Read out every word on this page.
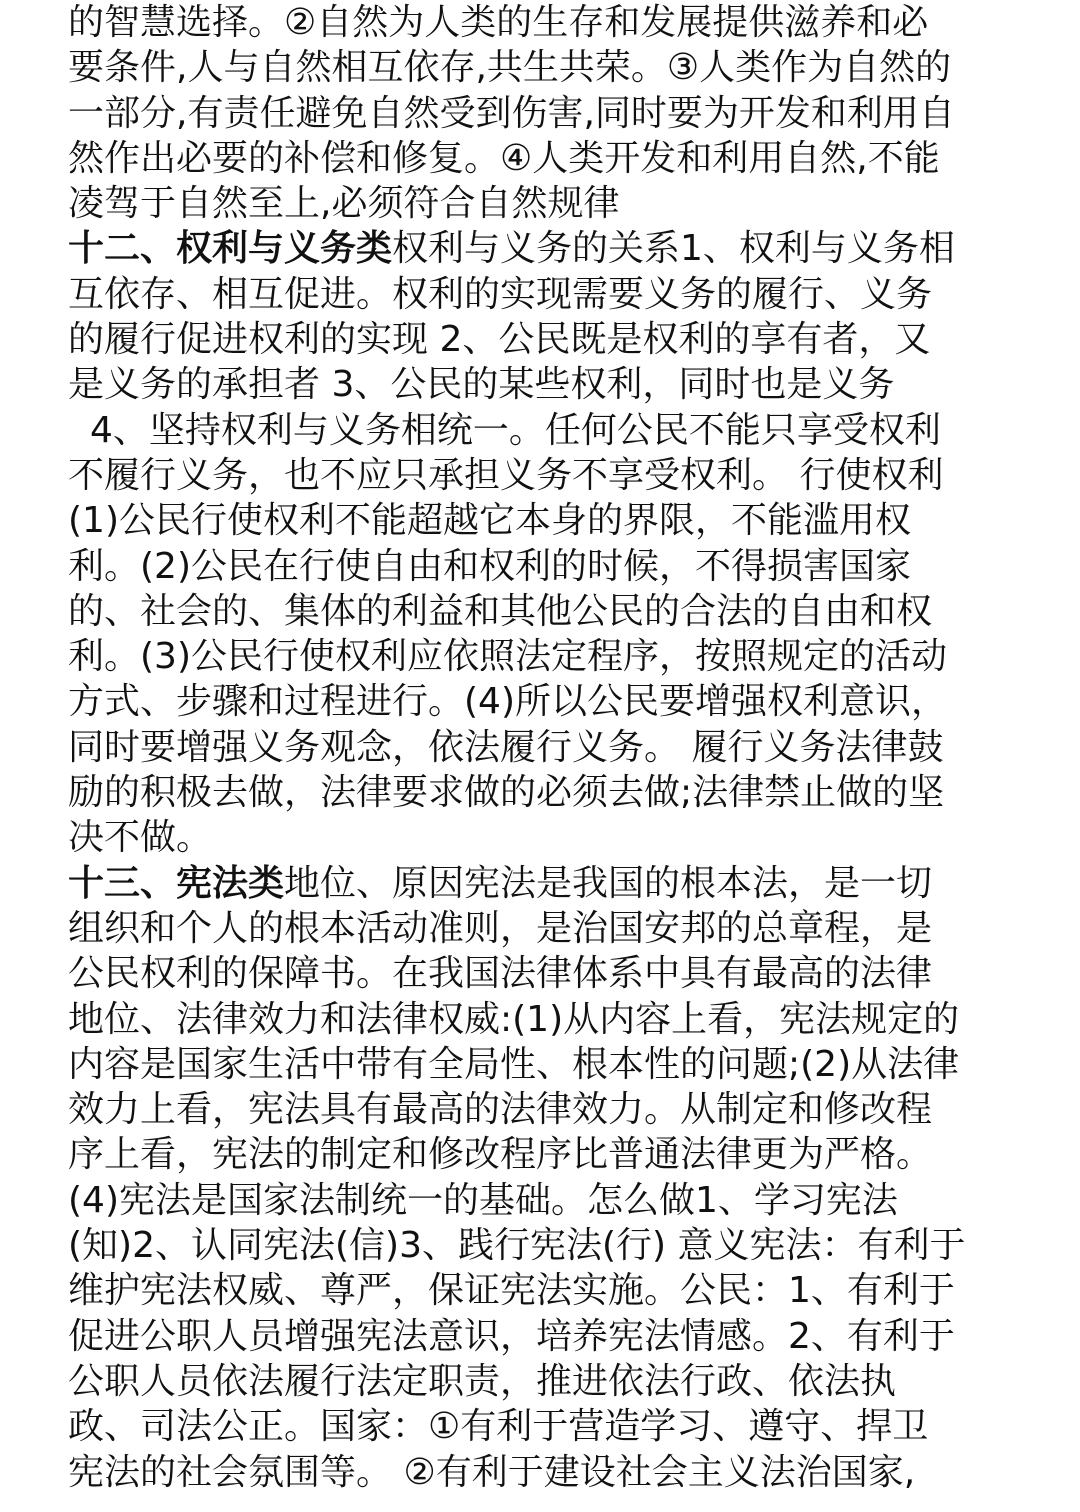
的智慧选择。②自然为人类的生存和发展提供滋养和必
要条件,人与自然相互依存,共生共荣。③人类作为自然的
一部分,有责任避免自然受到伤害,同时要为开发和利用自
然作出必要的补偿和修复。④人类开发和利用自然,不能
凌驾于自然至上,必须符合自然规律
十二、权利与义务类权利与义务的关系1、权利与义务相
互依存、相互促进。权利的实现需要义务的履行、义务
的履行促进权利的实现 2、公民既是权利的享有者，又
是义务的承担者 3、公民的某些权利，同时也是义务
4、坚持权利与义务相统一。任何公民不能只享受权利
不履行义务，也不应只承担义务不享受权利。 行使权利
(1)公民行使权利不能超越它本身的界限，不能滥用权
利。(2)公民在行使自由和权利的时候，不得损害国家
的、社会的、集体的利益和其他公民的合法的自由和权
利。(3)公民行使权利应依照法定程序，按照规定的活动
方式、步骤和过程进行。(4)所以公民要增强权利意识，
同时要增强义务观念，依法履行义务。 履行义务法律鼓
励的积极去做，法律要求做的必须去做;法律禁止做的坚
决不做。
十三、宪法类地位、原因宪法是我国的根本法，是一切
组织和个人的根本活动准则，是治国安邦的总章程，是
公民权利的保障书。在我国法律体系中具有最高的法律
地位、法律效力和法律权威:(1)从内容上看，宪法规定的
内容是国家生活中带有全局性、根本性的问题;(2)从法律
效力上看，宪法具有最高的法律效力。从制定和修改程
序上看，宪法的制定和修改程序比普通法律更为严格。
(4)宪法是国家法制统一的基础。怎么做1、学习宪法
(知)2、认同宪法(信)3、践行宪法(行) 意义宪法：有利于
维护宪法权威、尊严，保证宪法实施。公民：1、有利于
促进公职人员增强宪法意识，培养宪法情感。2、有利于
公职人员依法履行法定职责，推进依法行政、依法执
政、司法公正。国家：①有利于营造学习、遵守、捍卫
宪法的社会氛围等。 ②有利于建设社会主义法治国家,
